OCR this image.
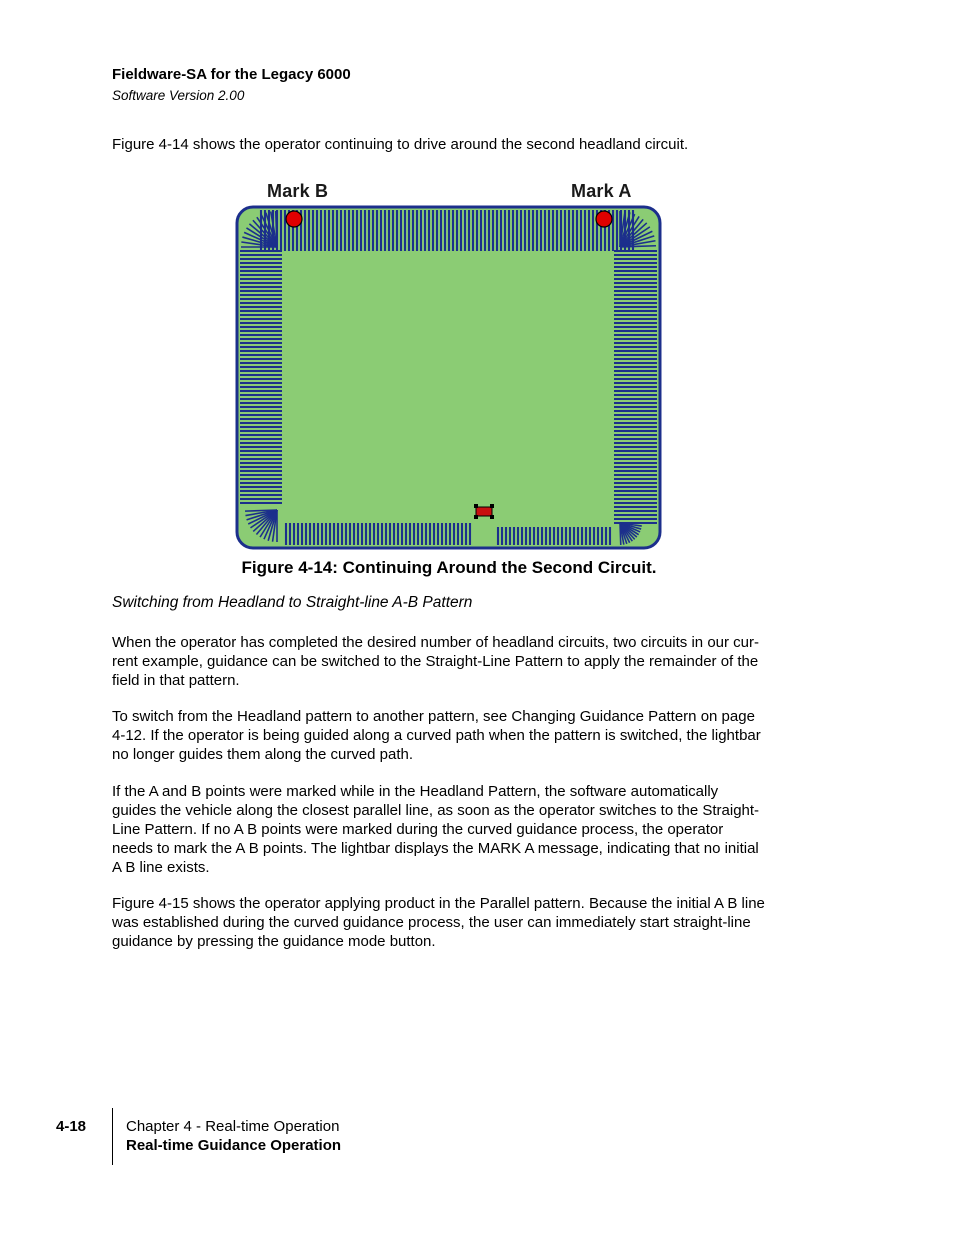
Fieldware-SA for the Legacy 6000
Software Version 2.00
Figure 4-14 shows the operator continuing to drive around the second headland circuit.
Mark B	Mark A
Figure 4-14: Continuing Around the Second Circuit.
Switching from Headland to Straight-line A-B Pattern
When the operator has completed the desired number of headland circuits, two circuits in our cur-
rent example, guidance can be switched to the Straight-Line Pattern to apply the remainder of the
field in that pattern.
To switch from the Headland pattern to another pattern, see Changing Guidance Pattern on page
4-12. If the operator is being guided along a curved path when the pattern is switched, the lightbar
no longer guides them along the curved path.
If the A and B points were marked while in the Headland Pattern, the software automatically
guides the vehicle along the closest parallel line, as soon as the operator switches to the Straight-
Line Pattern. If no A B points were marked during the curved guidance process, the operator
needs to mark the A B points. The lightbar displays the MARK A message, indicating that no initial
A B line exists.
Figure 4-15 shows the operator applying product in the Parallel pattern. Because the initial A B line
was established during the curved guidance process, the user can immediately start straight-line
guidance by pressing the guidance mode button.
4-18	Chapter 4 - Real-time Operation
Real-time Guidance Operation
